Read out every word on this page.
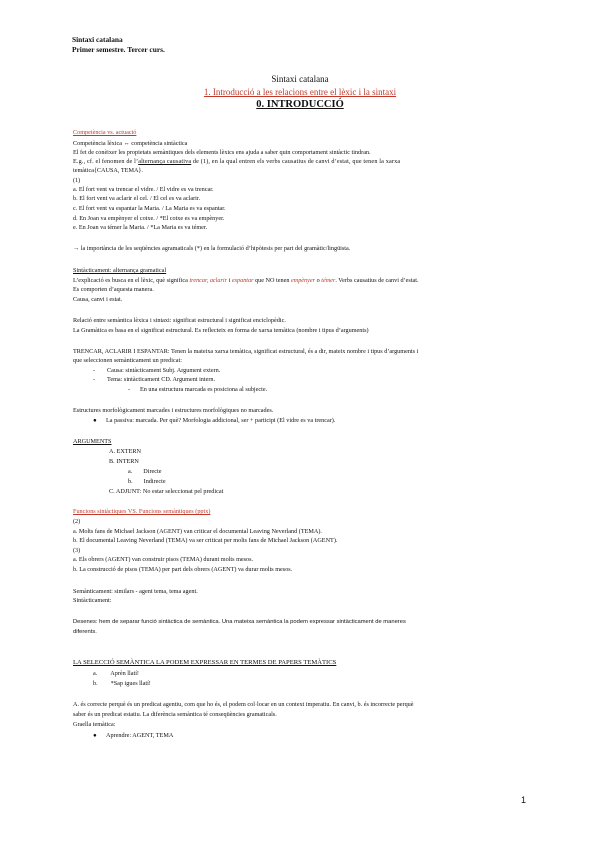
Sintaxi catalana
Primer semestre. Tercer curs.
Sintaxi catalana
1. Introducció a les relacions entre el lèxic i la sintaxi
0. INTRODUCCIÓ
Competència vs. actuació
Competència lèxica ↔ competència sintàctica
El fet de conèixer les propietats semàntiques dels elements lèxics ens ajuda a saber quin comportament sintàctic tindran.
E.g., cf. el fenomen de l’alternança causativa de (1), en la qual entren els verbs causatius de canvi d’estat, que tenen la xarxa
temàtica{CAUSA, TEMA}.
(1)
a. El fort vent va trencar el vidre. / El vidre es va trencar.
b. El fort vent va aclarir el cel. / El cel es va aclarir.
c. El fort vent va espantar la Maria. / La Maria es va espantar.
d. En Joan va empènyer el cotxe. / *El cotxe es va empènyer.
e. En Joan va témer la Maria. / *La Maria es va témer.
→ la importància de les seqüències agramaticals (*) en la formulació d’hipòtesis per part del gramàtic/lingüista.
Sintàcticament: alternança gramatical
L’explicació es busca en el lèxic, què significa trencar, aclarir i espantar que NO tenen empènyer o témer. Verbs causatius de canvi d’estat.
Es comporten d’aquesta manera.
Causa, canvi i estat.
Relació entre semàntica lèxica i sintaxi: significat estructural i significat enciclopèdic.
La Gramàtica es basa en el significat estructural. Es reflecteix en forma de xarxa temàtica (nombre i tipus d’arguments)
TRENCAR, ACLARIR I ESPANTAR: Tenen la mateixa xarxa temàtica, significat estructural, és a dir, mateix nombre i tipus d’arguments i
que seleccionen semànticament un predicat:
- Causa: sintàcticament Subj. Argument extern.
- Tema: sintàcticament CD. Argument intern.
- En una estructura marcada es posiciona al subjecte.
Estructures morfològicament marcades i estructures morfològiques no marcades.
● La passiva: marcada. Per què? Morfologia addicional, ser + participi (El vidre es va trencar).
ARGUMENTS
A. EXTERN
B. INTERN
a. Directe
b. Indirecte
C. ADJUNT: No estar seleccionat pel predicat
Funcions sintàctiques VS. Funcions semàntiques (pptx)
(2)
a. Molts fans de Michael Jackson (AGENT) van criticar el documental Leaving Neverland (TEMA).
b. El documental Leaving Neverland (TEMA) va ser criticat per molts fans de Michael Jackson (AGENT).
(3)
a. Els obrers (AGENT) van construir pisos (TEMA) durant molts mesos.
b. La construcció de pisos (TEMA) per part dels obrers (AGENT) va durar molts mesos.
Semànticament: similars - agent tema, tema agent.
Sintàcticament:
Desenes: hem de separar funció sintàctica de semàntica. Una mateixa semàntica la podem expressar sintàcticament de maneres
diferents.
LA SELECCIÓ SEMÀNTICA LA PODEM EXPRESSAR EN TERMES DE PAPERS TEMÀTICS
a. Aprèn llatí!
b. *Sap igues llatí!
A. és correcte perquè és un predicat agentiu, com que ho és, el podem col·locar en un context imperatiu. En canvi, b. és incorrecte perquè
saber és un predicat estatiu. La diferència semàntica té conseqüències gramaticals.
Graella temàtica:
● Aprendre: AGENT, TEMA
1
